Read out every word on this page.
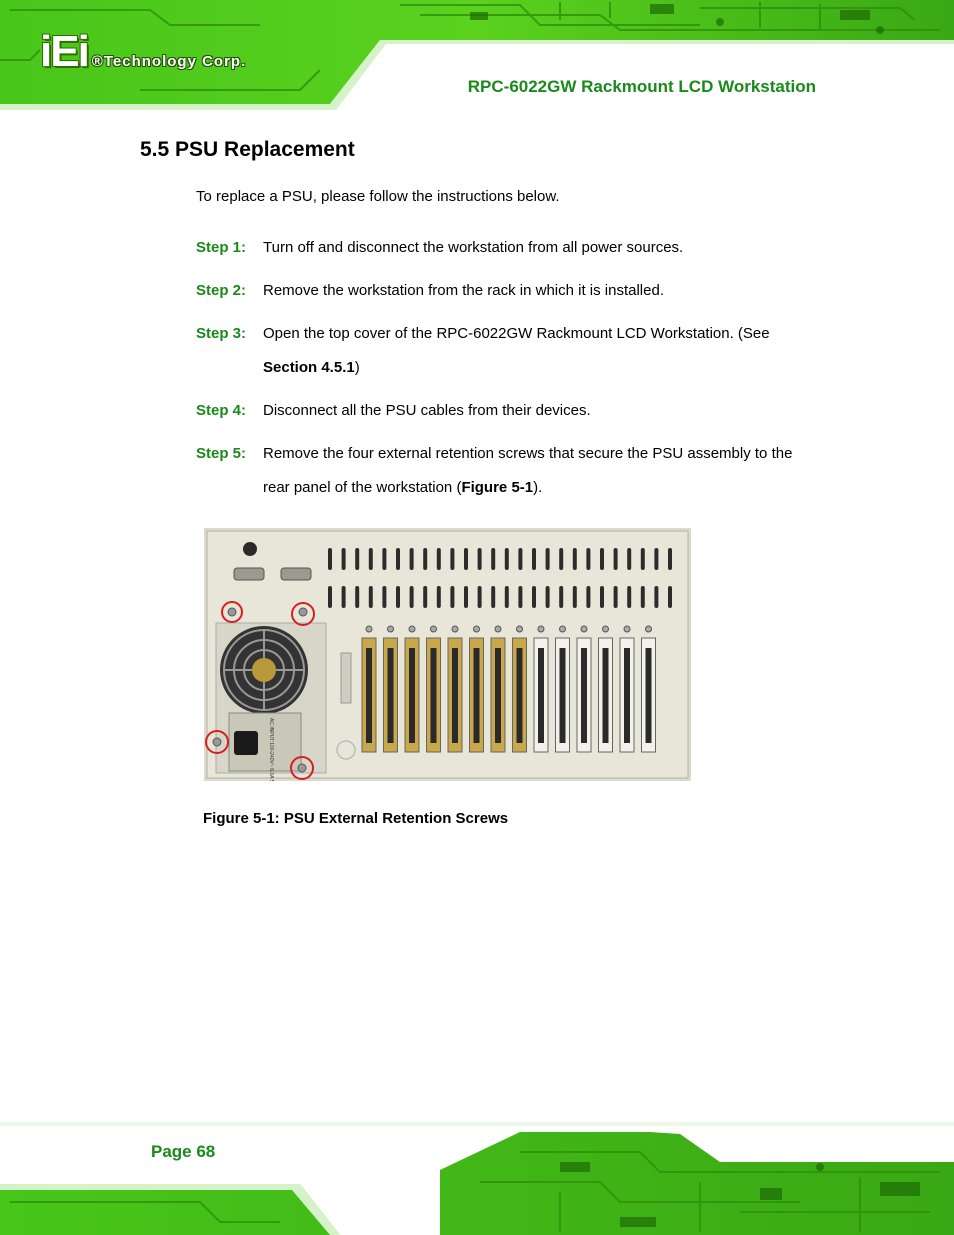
iEi ®Technology Corp.
RPC-6022GW Rackmount LCD Workstation
5.5 PSU Replacement
To replace a PSU, please follow the instructions below.
Step 1: Turn off and disconnect the workstation from all power sources.
Step 2: Remove the workstation from the rack in which it is installed.
Step 3: Open the top cover of the RPC-6022GW Rackmount LCD Workstation. (See Section 4.5.1)
Step 4: Disconnect all the PSU cables from their devices.
Step 5: Remove the four external retention screws that secure the PSU assembly to the rear panel of the workstation (Figure 5-1).
AC INPUT:100-240V~ 6.0A 50-60Hz
Figure 5-1: PSU External Retention Screws
Page 68
